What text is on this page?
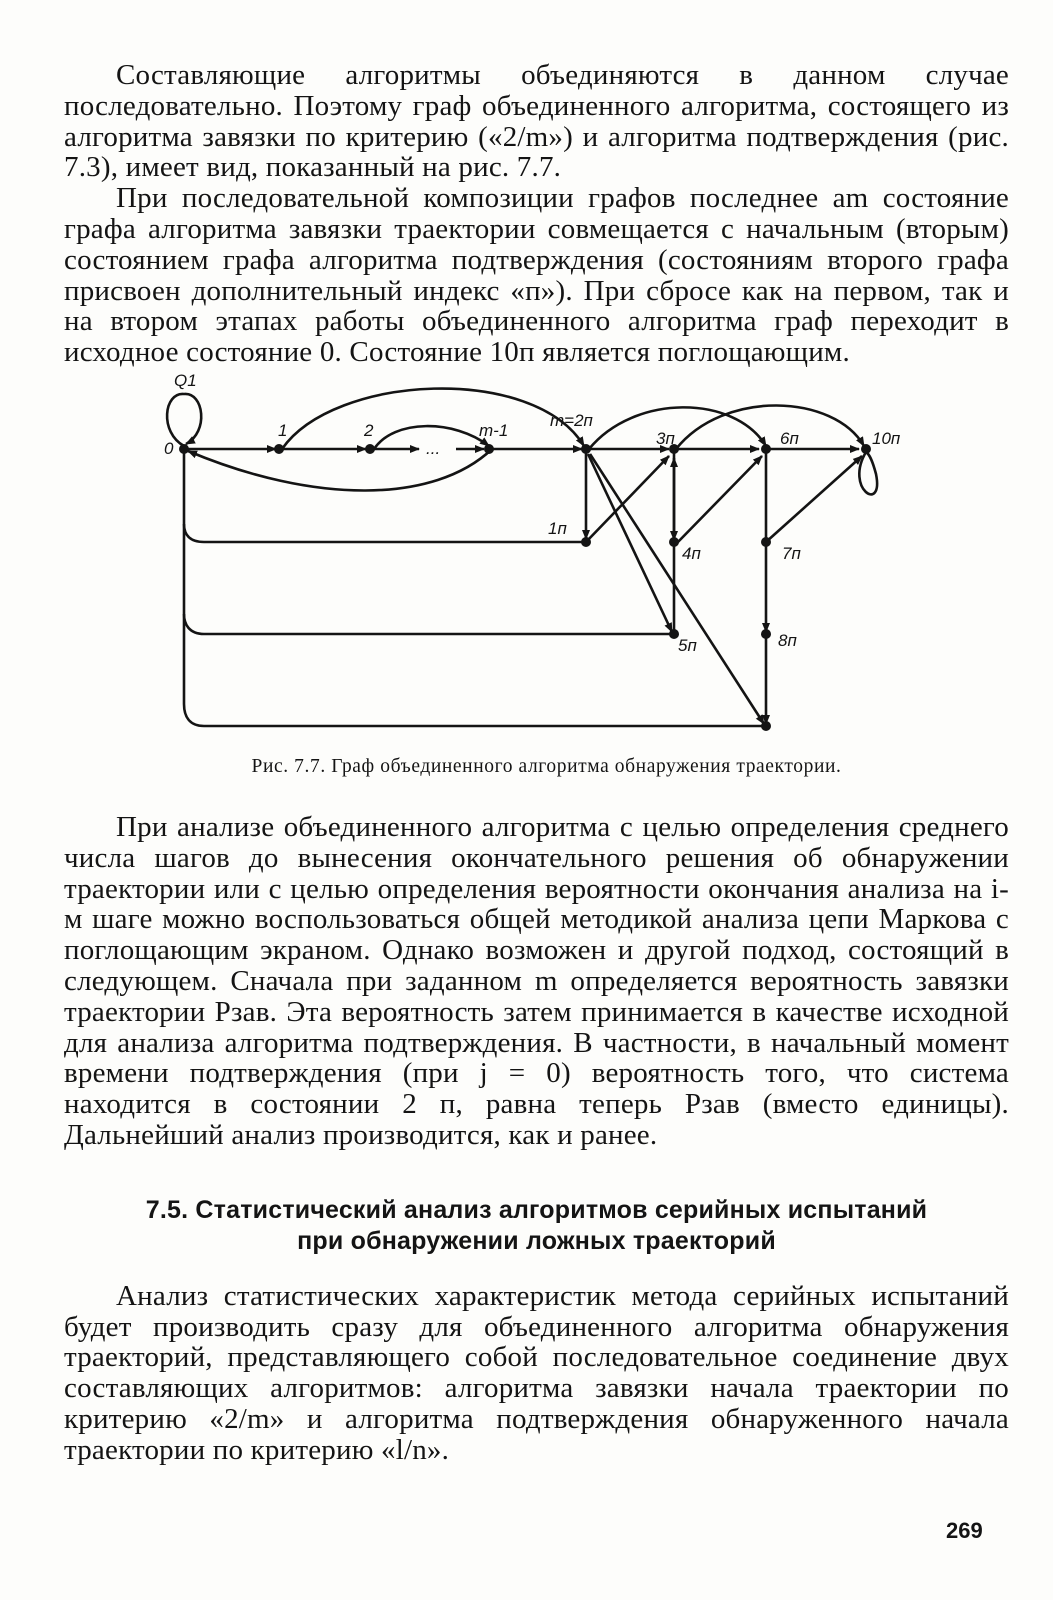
Составляющие алгоритмы объединяются в данном случае последовательно. Поэтому граф объединенного алгоритма, состоящего из алгоритма завязки по критерию («2/m») и алгоритма подтверждения (рис. 7.3), имеет вид, показанный на рис. 7.7.

При последовательной композиции графов последнее am состояние графа алгоритма завязки траектории совмещается с начальным (вторым) состоянием графа алгоритма подтверждения (состояниям второго графа присвоен дополнительный индекс «п»). При сбросе как на первом, так и на втором этапах работы объединенного алгоритма граф переходит в исходное состояние 0. Состояние 10п является поглощающим.

Q1
0
1	2
...
m-1
m=2п
1п
3п
4п
5п
6п
7п
8п
10п
Рис. 7.7. Граф объединенного алгоритма обнаружения траектории.

При анализе объединенного алгоритма с целью определения среднего числа шагов до вынесения окончательного решения об обнаружении траектории или с целью определения вероятности окончания анализа на i-м шаге можно воспользоваться общей методикой анализа цепи Маркова с поглощающим экраном. Однако возможен и другой подход, состоящий в следующем. Сначала при заданном m определяется вероятность завязки траектории Pзав. Эта вероятность затем принимается в качестве исходной для анализа алгоритма подтверждения. В частности, в начальный момент времени подтверждения (при j = 0) вероятность того, что система находится в состоянии 2 п, равна теперь Pзав (вместо единицы). Дальнейший анализ производится, как и ранее.

7.5. Статистический анализ алгоритмов серийных испытаний
при обнаружении ложных траекторий

Анализ статистических характеристик метода серийных испытаний будет производить сразу для объединенного алгоритма обнаружения траекторий, представляющего собой последовательное соединение двух составляющих алгоритмов: алгоритма завязки начала траектории по критерию «2/m» и алгоритма подтверждения обнаруженного начала траектории по критерию «l/n».

269
